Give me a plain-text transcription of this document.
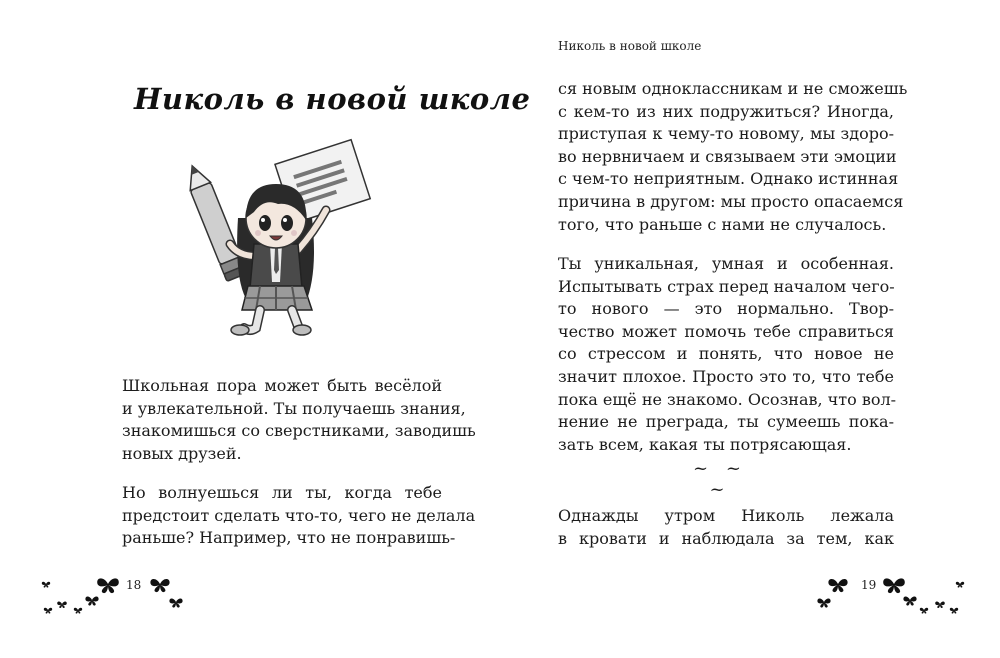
Николь в новой школе
Школьная пора может быть весёлой
и увлекательной. Ты получаешь знания,
знакомишься со сверстниками, заводишь
новых друзей.
Но волнуешься ли ты, когда тебе
предстоит сделать что-то, чего не делала
раньше? Например, что не понравишь-
18
Николь в новой школе
ся новым одноклассникам и не сможешь
с кем-то из них подружиться? Иногда,
приступая к чему-то новому, мы здоро-
во нервничаем и связываем эти эмоции
с чем-то неприятным. Однако истинная
причина в другом: мы просто опасаемся
того, что раньше с нами не случалось.
Ты уникальная, умная и особенная.
Испытывать страх перед началом чего-
то нового — это нормально. Твор-
чество может помочь тебе справиться
со стрессом и понять, что новое не
значит плохое. Просто это то, что тебе
пока ещё не знакомо. Осознав, что вол-
нение не преграда, ты сумеешь пока-
зать всем, какая ты потрясающая.
~ ~ ~
Однажды утром Николь лежала
в кровати и наблюдала за тем, как
19
